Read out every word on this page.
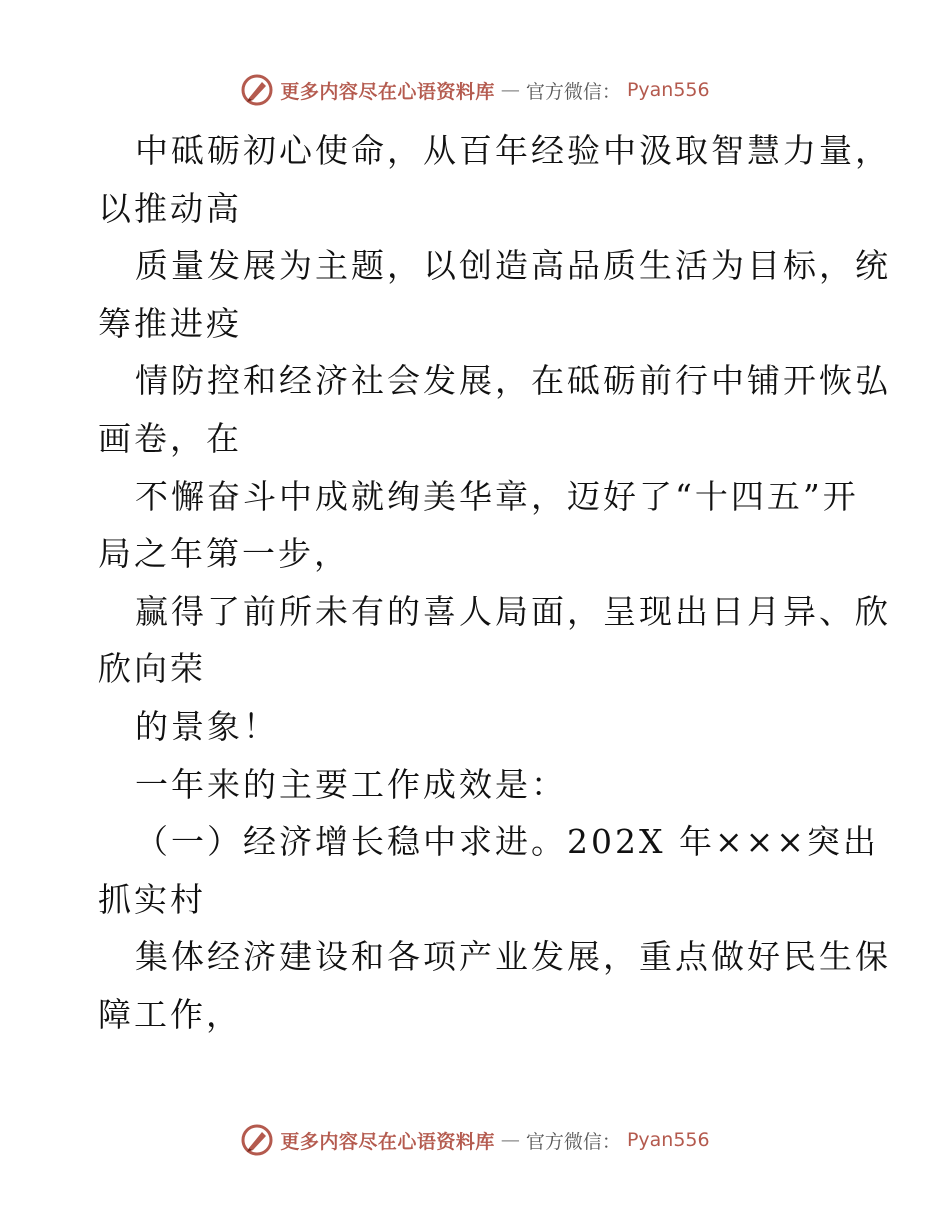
更多内容尽在心语资料库 — 官方微信： Pyan556
中砥砺初心使命，从百年经验中汲取智慧力量，
以推动高
质量发展为主题，以创造高品质生活为目标，统
筹推进疫
情防控和经济社会发展，在砥砺前行中铺开恢弘
画卷，在
不懈奋斗中成就绚美华章，迈好了“十四五”开
局之年第一步，
赢得了前所未有的喜人局面，呈现出日月异、欣
欣向荣
的景象！
一年来的主要工作成效是：
（一）经济增长稳中求进。202X 年×××突出
抓实村
集体经济建设和各项产业发展，重点做好民生保
障工作，
更多内容尽在心语资料库 — 官方微信： Pyan556
